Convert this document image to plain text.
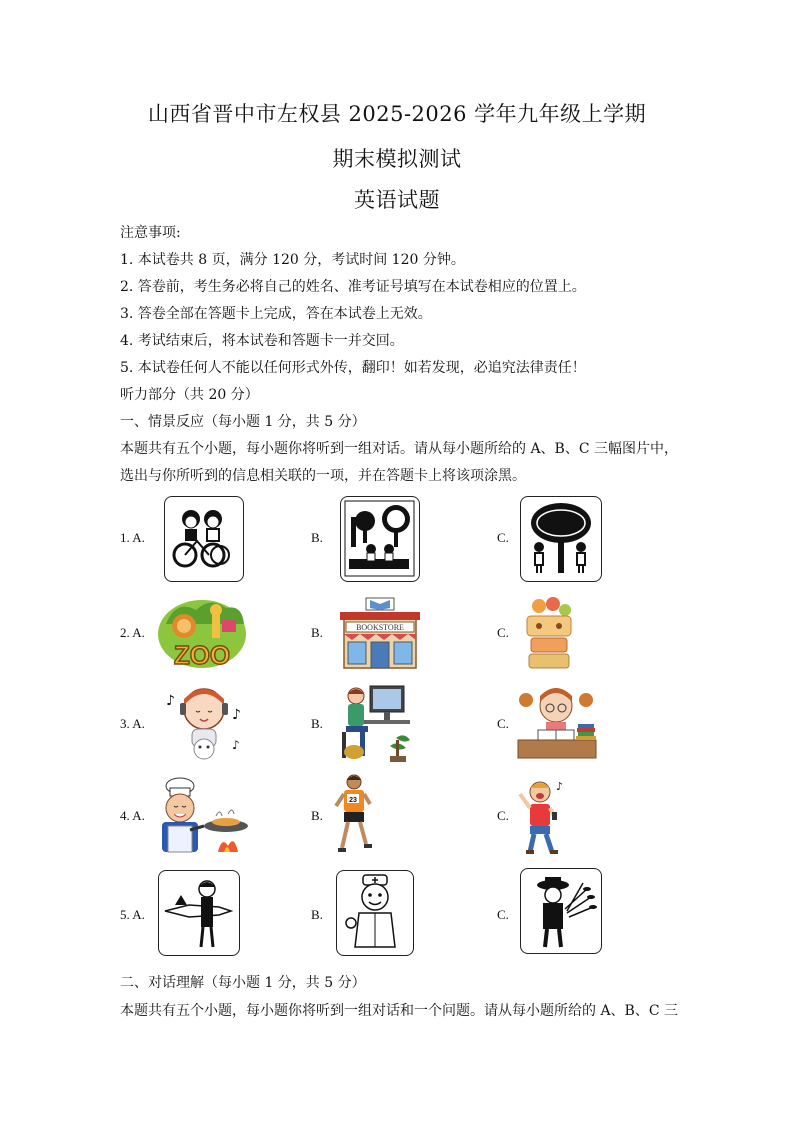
山西省晋中市左权县 2025-2026 学年九年级上学期
期末模拟测试
英语试题
注意事项:
1. 本试卷共 8 页，满分 120 分，考试时间 120 分钟。
2. 答卷前，考生务必将自己的姓名、准考证号填写在本试卷相应的位置上。
3. 答卷全部在答题卡上完成，答在本试卷上无效。
4. 考试结束后，将本试卷和答题卡一并交回。
5. 本试卷任何人不能以任何形式外传，翻印！如若发现，必追究法律责任！
听力部分（共 20 分）
一、情景反应（每小题 1 分，共 5 分）
本题共有五个小题，每小题你将听到一组对话。请从每小题所给的 A、B、C 三幅图片中，
选出与你所听到的信息相关联的一项，并在答题卡上将该项涂黑。
1. A.	B.	C.
2. A.
ZOO
B.	BOOKSTORE	C.
3. A.
♪
♪
♪
B.	C.
4. A.	B.
23
C.
♪
5. A.	B.	C.
二、对话理解（每小题 1 分，共 5 分）
本题共有五个小题，每小题你将听到一组对话和一个问题。请从每小题所给的 A、B、C 三
